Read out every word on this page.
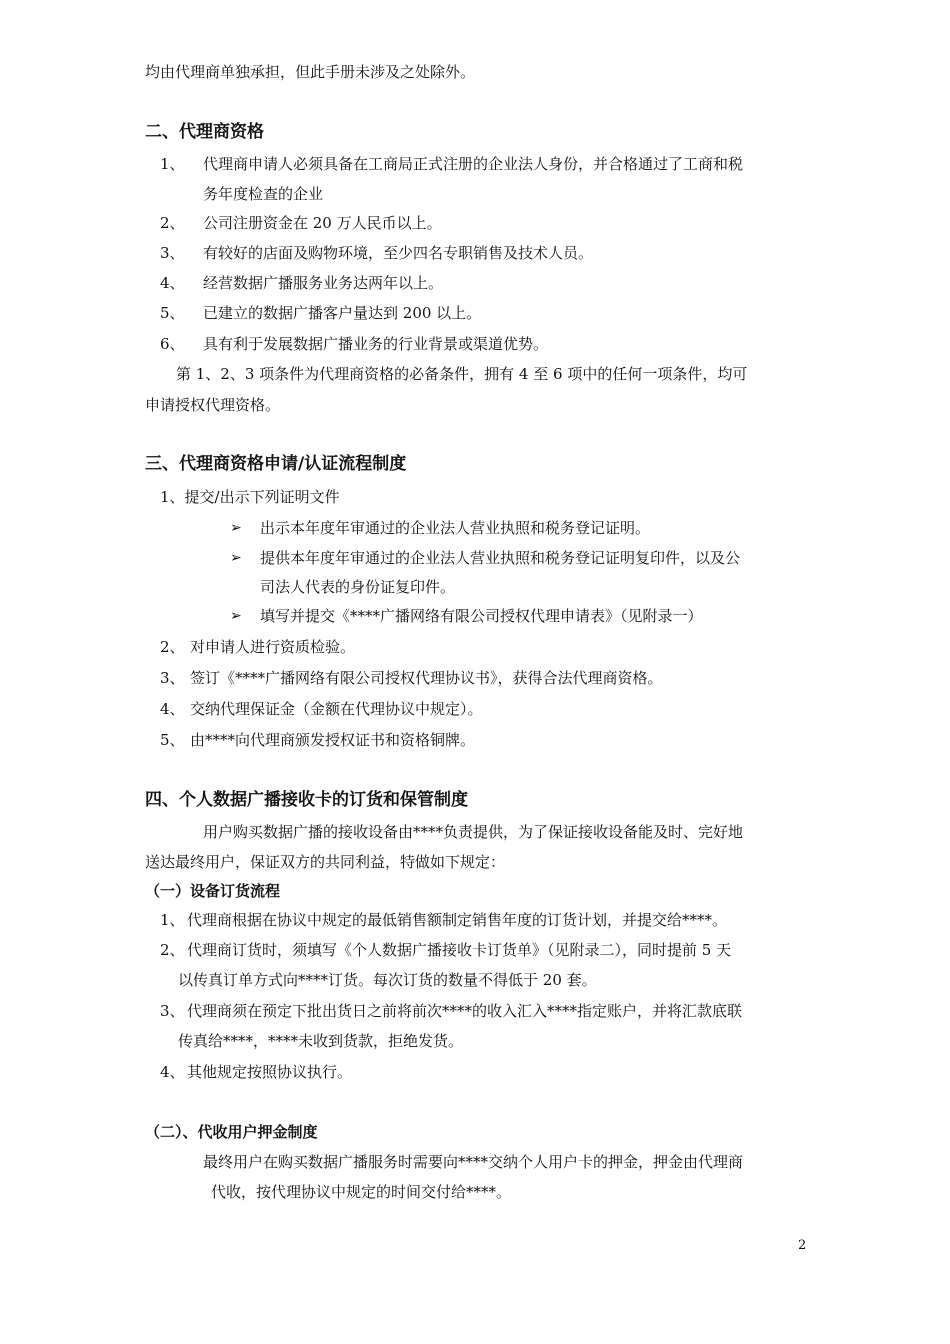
均由代理商单独承担，但此手册未涉及之处除外。
二、代理商资格
1、 代理商申请人必须具备在工商局正式注册的企业法人身份，并合格通过了工商和税
务年度检查的企业
2、 公司注册资金在 20 万人民币以上。
3、 有较好的店面及购物环境，至少四名专职销售及技术人员。
4、 经营数据广播服务业务达两年以上。
5、 已建立的数据广播客户量达到 200 以上。
6、 具有利于发展数据广播业务的行业背景或渠道优势。
第 1、2、3 项条件为代理商资格的必备条件，拥有 4 至 6 项中的任何一项条件，均可
申请授权代理资格。
三、代理商资格申请/认证流程制度
1、提交/出示下列证明文件
➢ 出示本年度年审通过的企业法人营业执照和税务登记证明。
➢ 提供本年度年审通过的企业法人营业执照和税务登记证明复印件，以及公
司法人代表的身份证复印件。
➢ 填写并提交《****广播网络有限公司授权代理申请表》（见附录一）
2、 对申请人进行资质检验。
3、 签订《****广播网络有限公司授权代理协议书》，获得合法代理商资格。
4、 交纳代理保证金（金额在代理协议中规定）。
5、 由****向代理商颁发授权证书和资格铜牌。
四、个人数据广播接收卡的订货和保管制度
用户购买数据广播的接收设备由****负责提供，为了保证接收设备能及时、完好地
送达最终用户，保证双方的共同利益，特做如下规定：
（一）设备订货流程
1、 代理商根据在协议中规定的最低销售额制定销售年度的订货计划，并提交给****。
2、 代理商订货时，须填写《个人数据广播接收卡订货单》（见附录二），同时提前 5 天
以传真订单方式向****订货。每次订货的数量不得低于 20 套。
3、 代理商须在预定下批出货日之前将前次****的收入汇入****指定账户，并将汇款底联
传真给****，****未收到货款，拒绝发货。
4、 其他规定按照协议执行。
（二）、代收用户押金制度
最终用户在购买数据广播服务时需要向****交纳个人用户卡的押金，押金由代理商
代收，按代理协议中规定的时间交付给****。
2
